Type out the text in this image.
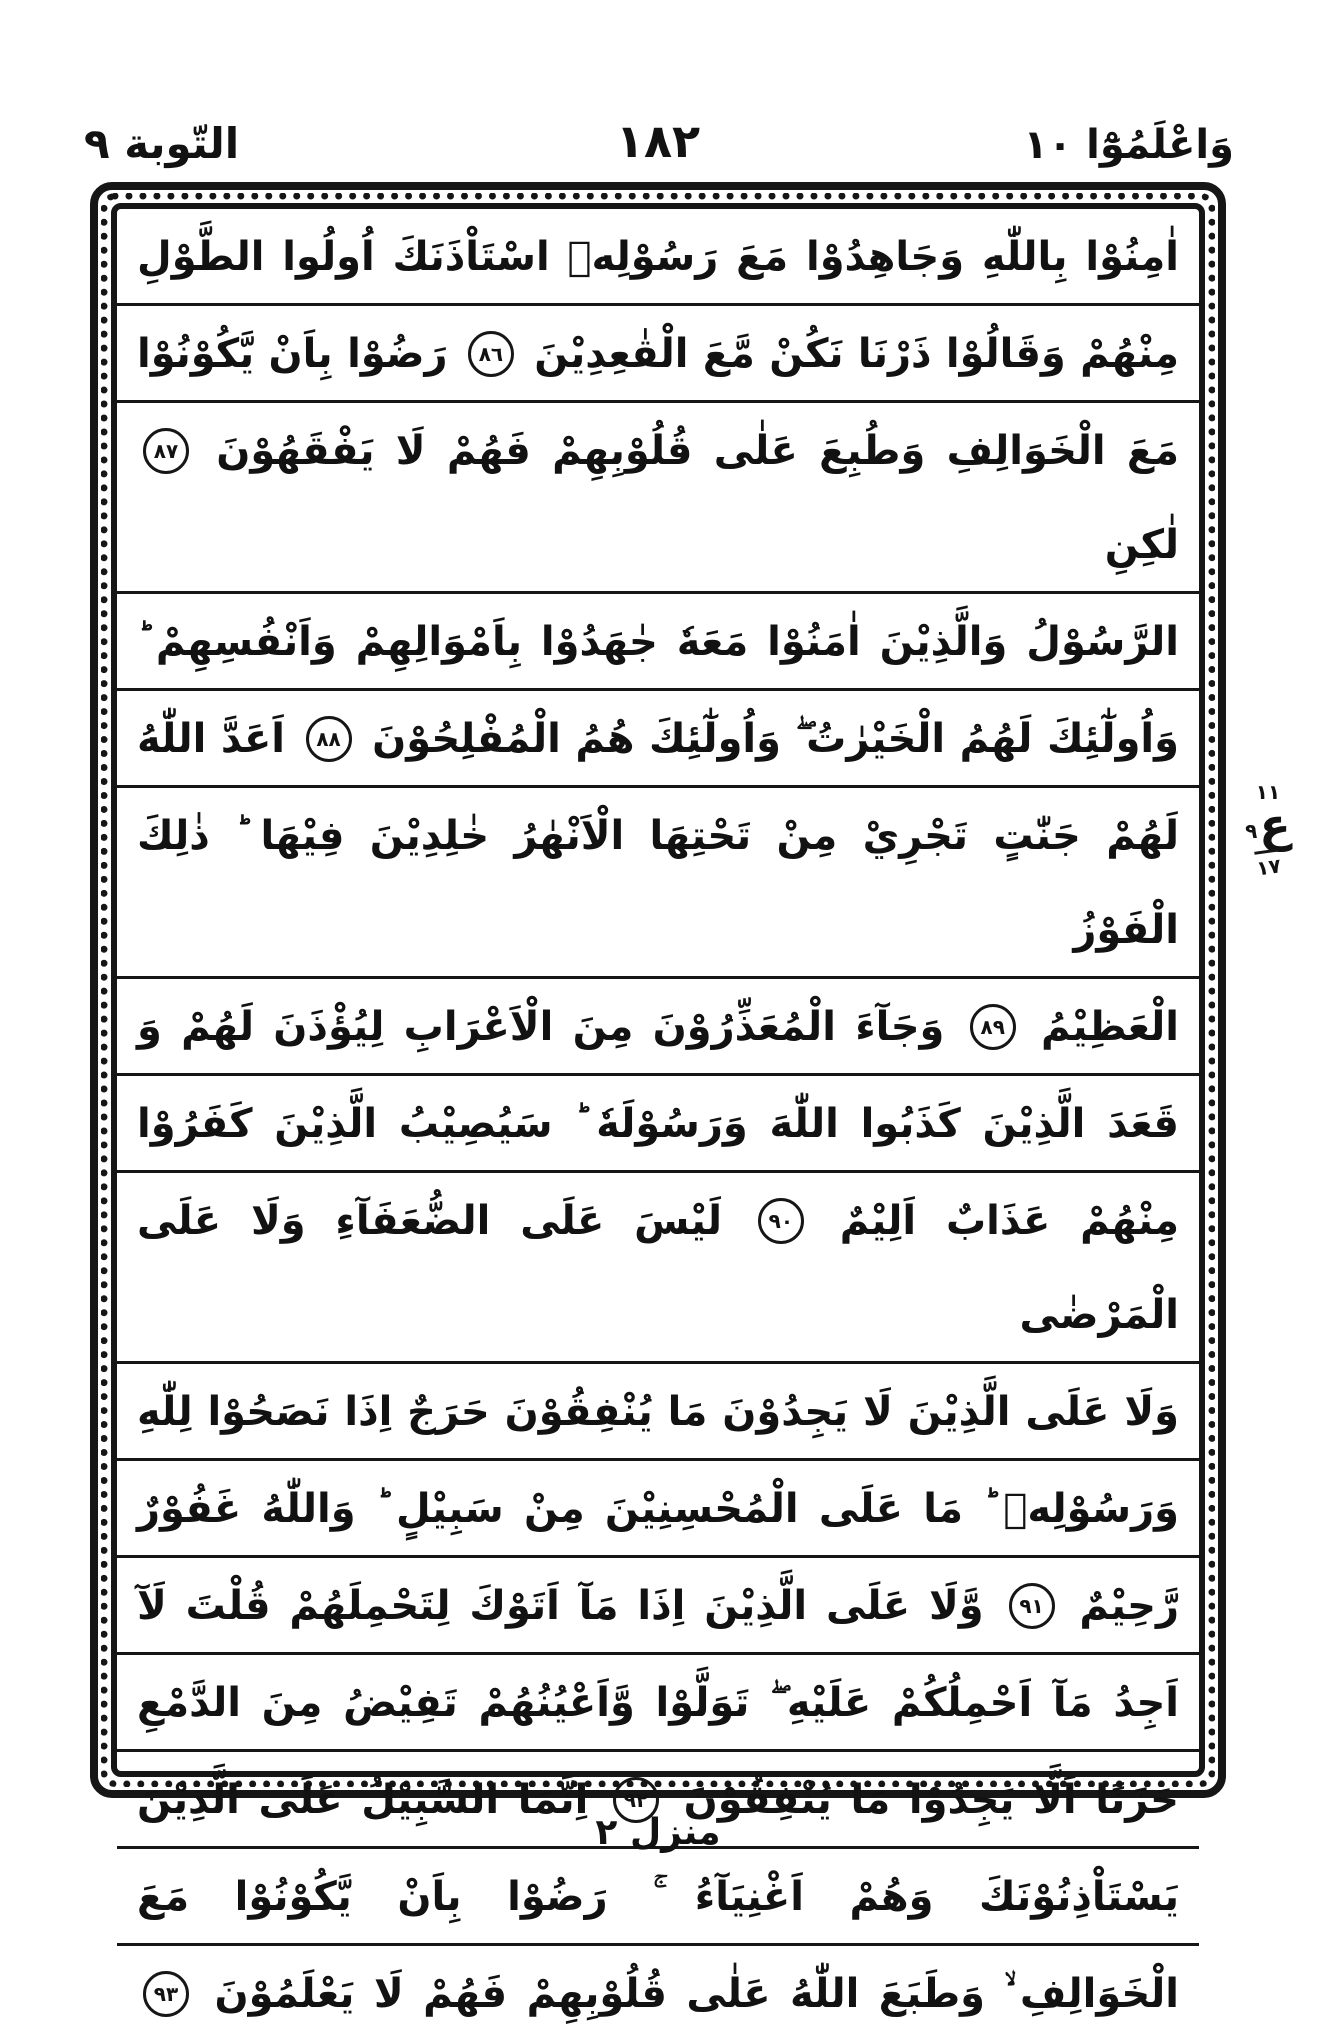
التّوبة ٩	١٨٢	وَاعْلَمُوْٓا ١٠
اٰمِنُوْا بِاللّٰهِ وَجَاهِدُوْا مَعَ رَسُوْلِهٖ اسْتَاْذَنَكَ اُولُوا الطَّوْلِ
مِنْهُمْ وَقَالُوْا ذَرْنَا نَكُنْ مَّعَ الْقٰعِدِيْنَ ٨٦ رَضُوْا بِاَنْ يَّكُوْنُوْا
مَعَ الْخَوَالِفِ وَطُبِعَ عَلٰى قُلُوْبِهِمْ فَهُمْ لَا يَفْقَهُوْنَ ٨٧ لٰكِنِ
الرَّسُوْلُ وَالَّذِيْنَ اٰمَنُوْا مَعَهٗ جٰهَدُوْا بِاَمْوَالِهِمْ وَاَنْفُسِهِمْ ؕ
وَاُولٰٓئِكَ لَهُمُ الْخَيْرٰتُ ۖ وَاُولٰٓئِكَ هُمُ الْمُفْلِحُوْنَ ٨٨ اَعَدَّ اللّٰهُ
لَهُمْ جَنّٰتٍ تَجْرِيْ مِنْ تَحْتِهَا الْاَنْهٰرُ خٰلِدِيْنَ فِيْهَا ؕ ذٰلِكَ الْفَوْزُ
الْعَظِيْمُ ٨٩ وَجَآءَ الْمُعَذِّرُوْنَ مِنَ الْاَعْرَابِ لِيُؤْذَنَ لَهُمْ وَ
قَعَدَ الَّذِيْنَ كَذَبُوا اللّٰهَ وَرَسُوْلَهٗ ؕ سَيُصِيْبُ الَّذِيْنَ كَفَرُوْا
مِنْهُمْ عَذَابٌ اَلِيْمٌ ٩٠ لَيْسَ عَلَى الضُّعَفَآءِ وَلَا عَلَى الْمَرْضٰى
وَلَا عَلَى الَّذِيْنَ لَا يَجِدُوْنَ مَا يُنْفِقُوْنَ حَرَجٌ اِذَا نَصَحُوْا لِلّٰهِ
وَرَسُوْلِهٖ ؕ مَا عَلَى الْمُحْسِنِيْنَ مِنْ سَبِيْلٍ ؕ وَاللّٰهُ غَفُوْرٌ
رَّحِيْمٌ ٩١ وَّلَا عَلَى الَّذِيْنَ اِذَا مَآ اَتَوْكَ لِتَحْمِلَهُمْ قُلْتَ لَآ
اَجِدُ مَآ اَحْمِلُكُمْ عَلَيْهِ ۖ تَوَلَّوْا وَّاَعْيُنُهُمْ تَفِيْضُ مِنَ الدَّمْعِ
حَزَنًا اَلَّا يَجِدُوْا مَا يُنْفِقُوْنَ ٩٢ اِنَّمَا السَّبِيْلُ عَلَى الَّذِيْنَ
يَسْتَاْذِنُوْنَكَ وَهُمْ اَغْنِيَآءُ ۚ رَضُوْا بِاَنْ يَّكُوْنُوْا مَعَ
الْخَوَالِفِ ۙ وَطَبَعَ اللّٰهُ عَلٰى قُلُوْبِهِمْ فَهُمْ لَا يَعْلَمُوْنَ ٩٣
١١
ع
٩
١٧
منزل ٢
